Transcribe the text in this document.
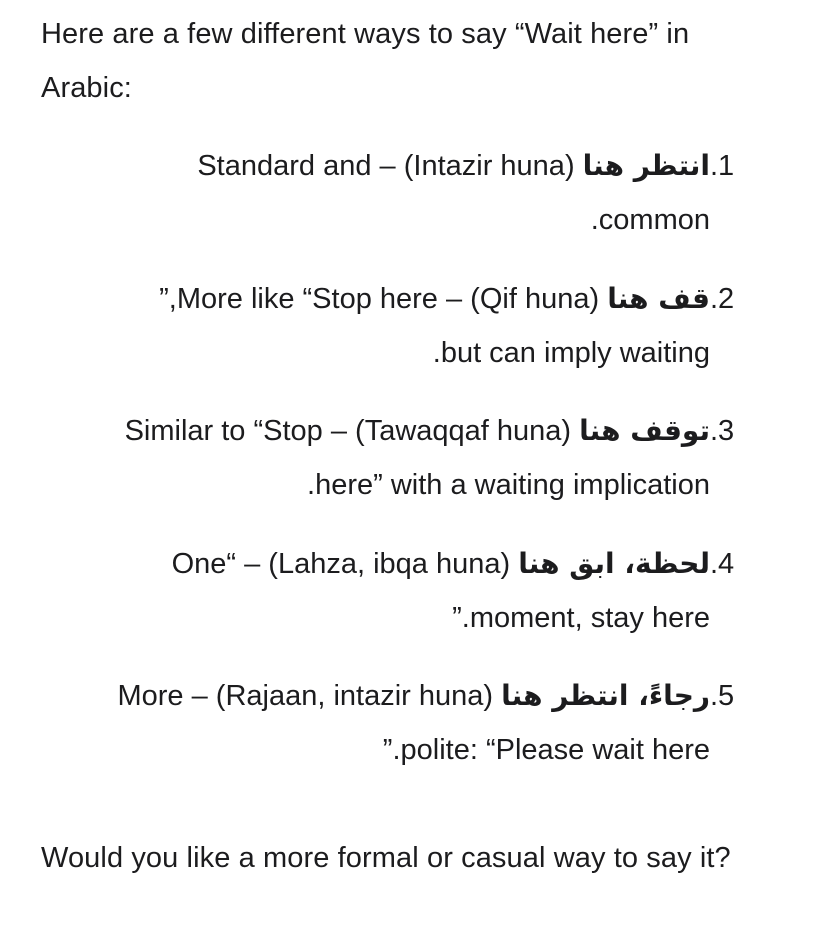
Here are a few different ways to say “Wait here” in Arabic:

.1
انتظر هنا (Intazir huna) – Standard and
common.
.2
قف هنا (Qif huna) – More like “Stop here,”
but can imply waiting.
.3
توقف هنا (Tawaqqaf huna) – Similar to “Stop
here” with a waiting implication.
.4
لحظة، ابق هنا (Lahza, ibqa huna) – “One
moment, stay here.”
.5
رجاءً، انتظر هنا (Rajaan, intazir huna) – More
polite: “Please wait here.”

Would you like a more formal or casual way to say it?
